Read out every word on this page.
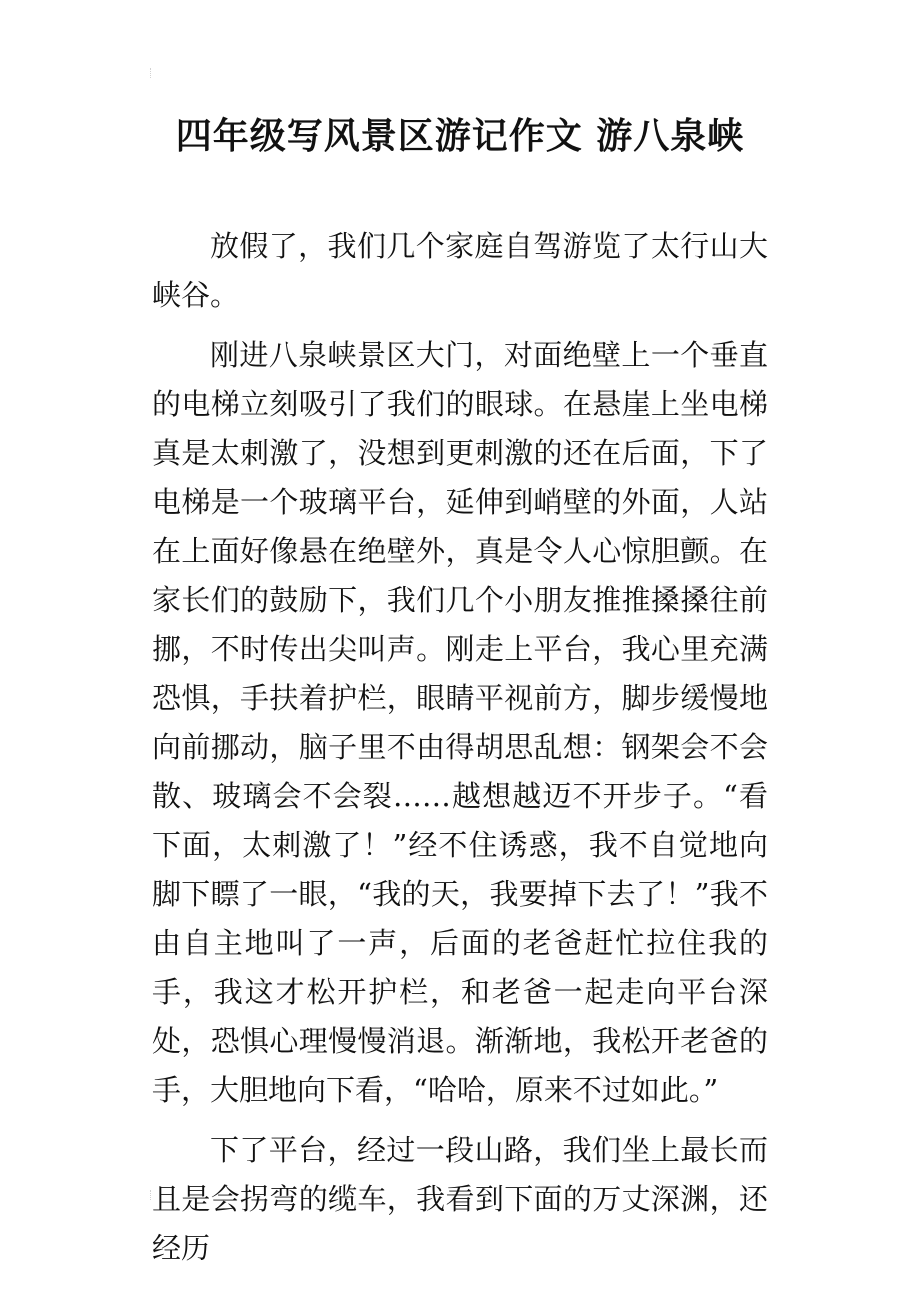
四年级写风景区游记作文 游八泉峡

放假了，我们几个家庭自驾游览了太行山大峡谷。

刚进八泉峡景区大门，对面绝壁上一个垂直的电梯立刻吸引了我们的眼球。在悬崖上坐电梯真是太刺激了，没想到更刺激的还在后面，下了电梯是一个玻璃平台，延伸到峭壁的外面，人站在上面好像悬在绝壁外，真是令人心惊胆颤。在家长们的鼓励下，我们几个小朋友推推搡搡往前挪，不时传出尖叫声。刚走上平台，我心里充满恐惧，手扶着护栏，眼睛平视前方，脚步缓慢地向前挪动，脑子里不由得胡思乱想：钢架会不会散、玻璃会不会裂……越想越迈不开步子。“看下面，太刺激了！”经不住诱惑，我不自觉地向脚下瞟了一眼，“我的天，我要掉下去了！”我不由自主地叫了一声，后面的老爸赶忙拉住我的手，我这才松开护栏，和老爸一起走向平台深处，恐惧心理慢慢消退。渐渐地，我松开老爸的手，大胆地向下看，“哈哈，原来不过如此。”

下了平台，经过一段山路，我们坐上最长而且是会拐弯的缆车，我看到下面的万丈深渊，还经历
